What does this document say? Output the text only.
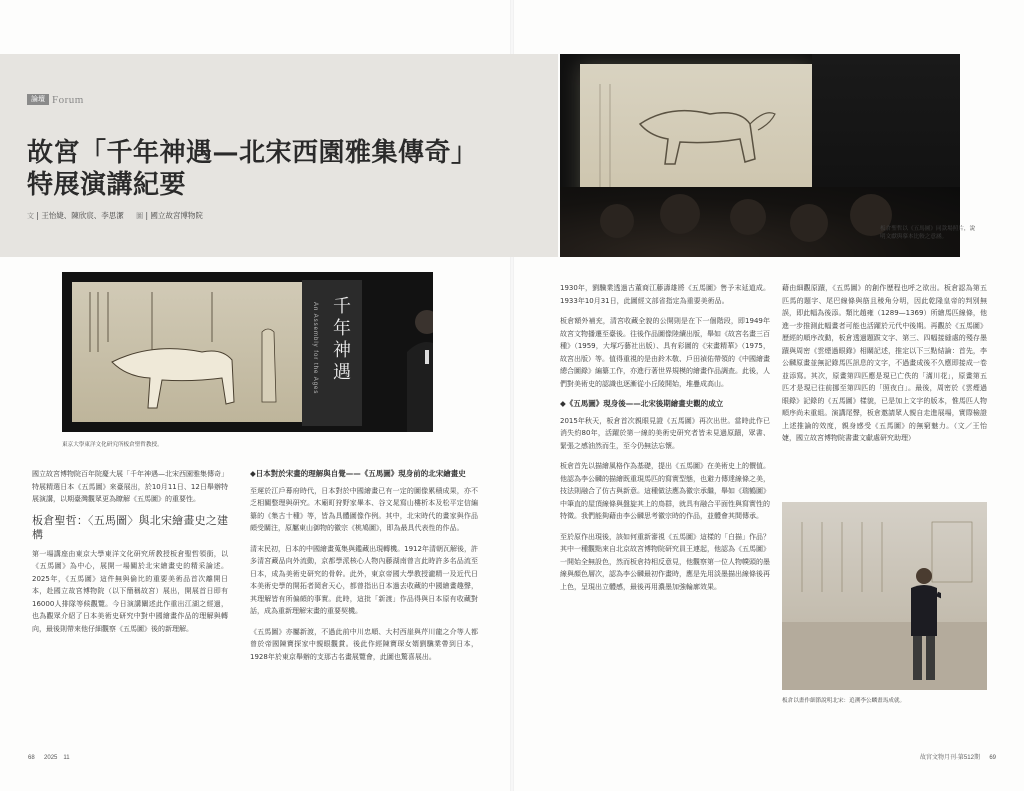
論壇 Forum
故宮「千年神遇—北宋西園雅集傳奇」
特展演講紀要
文 | 王怡婕、陳欣宸、李思潔 　 圖 | 國立故宮博物院
板倉聖哲以《五馬圖》同款場照片，說明文獻與摹本比較之意涵。
An Assembly for the Ages 千年神遇
東京大學東洋文化研究所板倉聖哲教授。
板倉以畫作細節說明北宋：追溯李公麟畫馬成就。

國立故宮博物院百年院慶大展「千年神遇—北宋西園雅集傳奇」特展精選日本《五馬圖》來臺展出，於10月11日、12日舉辦特展演講，以期臺灣觀眾更為瞭解《五馬圖》的重要性。

板倉聖哲：〈五馬圖〉與北宋繪畫史之建構

第一場講座由東京大學東洋文化研究所教授板倉聖哲領銜，以《五馬圖》為中心，展開一場關於北宋繪畫史的精采論述。2025年，《五馬圖》這件無與倫比的重要美術品首次離開日本，赴國立故宮博物院（以下簡稱故宮）展出，開展首日即有16000人排隊等候觀覽。今日演講闡述此作重出江湖之經過，也為觀眾介紹了日本美術史研究中對中國繪畫作品的理解與轉向，最後則帶來他仔細觀察《五馬圖》後的新理解。

◆日本對於宋畫的理解與自覺——《五馬圖》現身前的北宋繪畫史

至遲於江戶幕府時代，日本對於中國繪畫已有一定的圖像累積成果，亦不乏相關整理與研究。木廟町狩野家畢本、谷文晁寫山樓析本及松平定信編纂的《集古十種》等，皆為具體圖像作例。其中，北宋時代的畫家與作品頗受關注，原屬東山御物的徽宗《桃鳩圖》，即為最具代表性的作品。

清末民初，日本的中國繪畫蒐集與鑑藏出現轉機。1912年清朝瓦解後，許多清宮藏品向外流動，京都學派核心人物內藤湖南曾言此時許多名品流至日本，成為美術史研究的骨幹。此外，東京帝國大學教授瀧精一及近代日本美術史學的開拓者岡倉天心，都曾指出日本過去收藏的中國繪畫趣聲，其理解皆有所偏頗的事實。此時，這批「新渡」作品得與日本原有收藏對話，成為重新理解宋畫的重要契機。

《五馬圖》亦屬新渡，不過此前中川忠順、大村西崖與芹川龍之介等人都曾於帝國陳寶探家中親眼觀賞。後此作經陳寶琛女婿劉驥業帶到日本，1928年於東京舉辦的支那古名畫展覽會，此圖也驚喜展出。

1930年，劉驥業透過古董商江藤濤雄將《五馬圖》售予末延道成。1933年10月31日，此圖經文部省指定為重要美術品。

板倉額外補充，清宮收藏全貌的公開則是在下一個階段，即1949年故宮文物播遷至臺後。往後作品圖像陸續出版，舉如《故宮名畫三百種》（1959，大塚巧藝社出版）、具有彩圖的《宋畫精華》（1975，故宮出版）等。值得重視的是由鈴木敬、戶田禎佑帶領的《中國繪畫總合圖錄》編纂工作，亦進行著世界規模的繪畫作品調查。此後，人們對美術史的認識也逐漸從小丘陵開始，堆疊成高山。

◆《五馬圖》現身後——北宋後期繪畫史觀的成立

2015年秋天，板倉首次親眼見證《五馬圖》再次出世。當時此作已消失約80年，活躍於第一線的美術史研究者皆未見過原蹟，眾書、緊張之感油然而生，至今仍無法忘懷。

板倉首先以描繪風格作為基礎，提出《五馬圖》在美術史上的價值。他認為李公麟的描繪既重現馬匹的寫實型態，也避力傳達線條之美，技法則融合了仿古與新意。這種做法應為徽宗承繼，舉如《瑞鶴圖》中筆直的屋頂線條與盤旋其上的鳥群，就具有融合平面性與寫實性的特徵。我們能夠藉由李公麟思考徽宗時的作品，並體會其間傳承。

至於原作出現後，該如何重新審視《五馬圖》這樣的「白描」作品？其中一種觀點來自北京故宮博物院研究員王連起，他認為《五馬圖》一開始全無設色，然而板倉持相反意見，他觀察第一位人物幞頭的墨線與顏色層次，認為李公麟最初作畫時，應是先用淡墨描出線條後再上色，呈現出立體感，最後再用濃墨加強輪廓效果。

藉由細觀原蹟，《五馬圖》的創作歷程也呼之欲出。板倉認為第五匹馬的題字、尾巴線條與筋且稜角分明，因此乾隆皇帝的判別無誤，即此幅為後添。類比趙雍（1289—1369）所繪馬匹線條，他進一步推測此幅畫者可能也活躍於元代中後期。再觀於《五馬圖》歷經的順序改動，板倉透過題跋文字、第三、四幅接縫處的殘存墨蹟與周密《雲煙過眼錄》相關記述，推定以下三點結論：首先，李公麟原畫並無記錄馬匹訊息的文字，不過畫成後不久應即接成一卷並添寫。其次，原畫第四匹應是現已亡佚的「滿川花」，原畫第五匹才是現已往前挪至第四匹的「照夜白」。最後，周密於《雲煙過眼錄》記錄的《五馬圖》樣貌，已是加上文字的版本，惟馬匹人物順序尚未重組。演講尾聲，板倉邀請眾人親自走進展場，實際檢證上述推論的效度，親身感受《五馬圖》的無窮魅力。（文／王怡婕，國立故宮博物院書畫文獻處研究助理）

68 　 2025　11	故宮文物月刊·第512期 　 69
